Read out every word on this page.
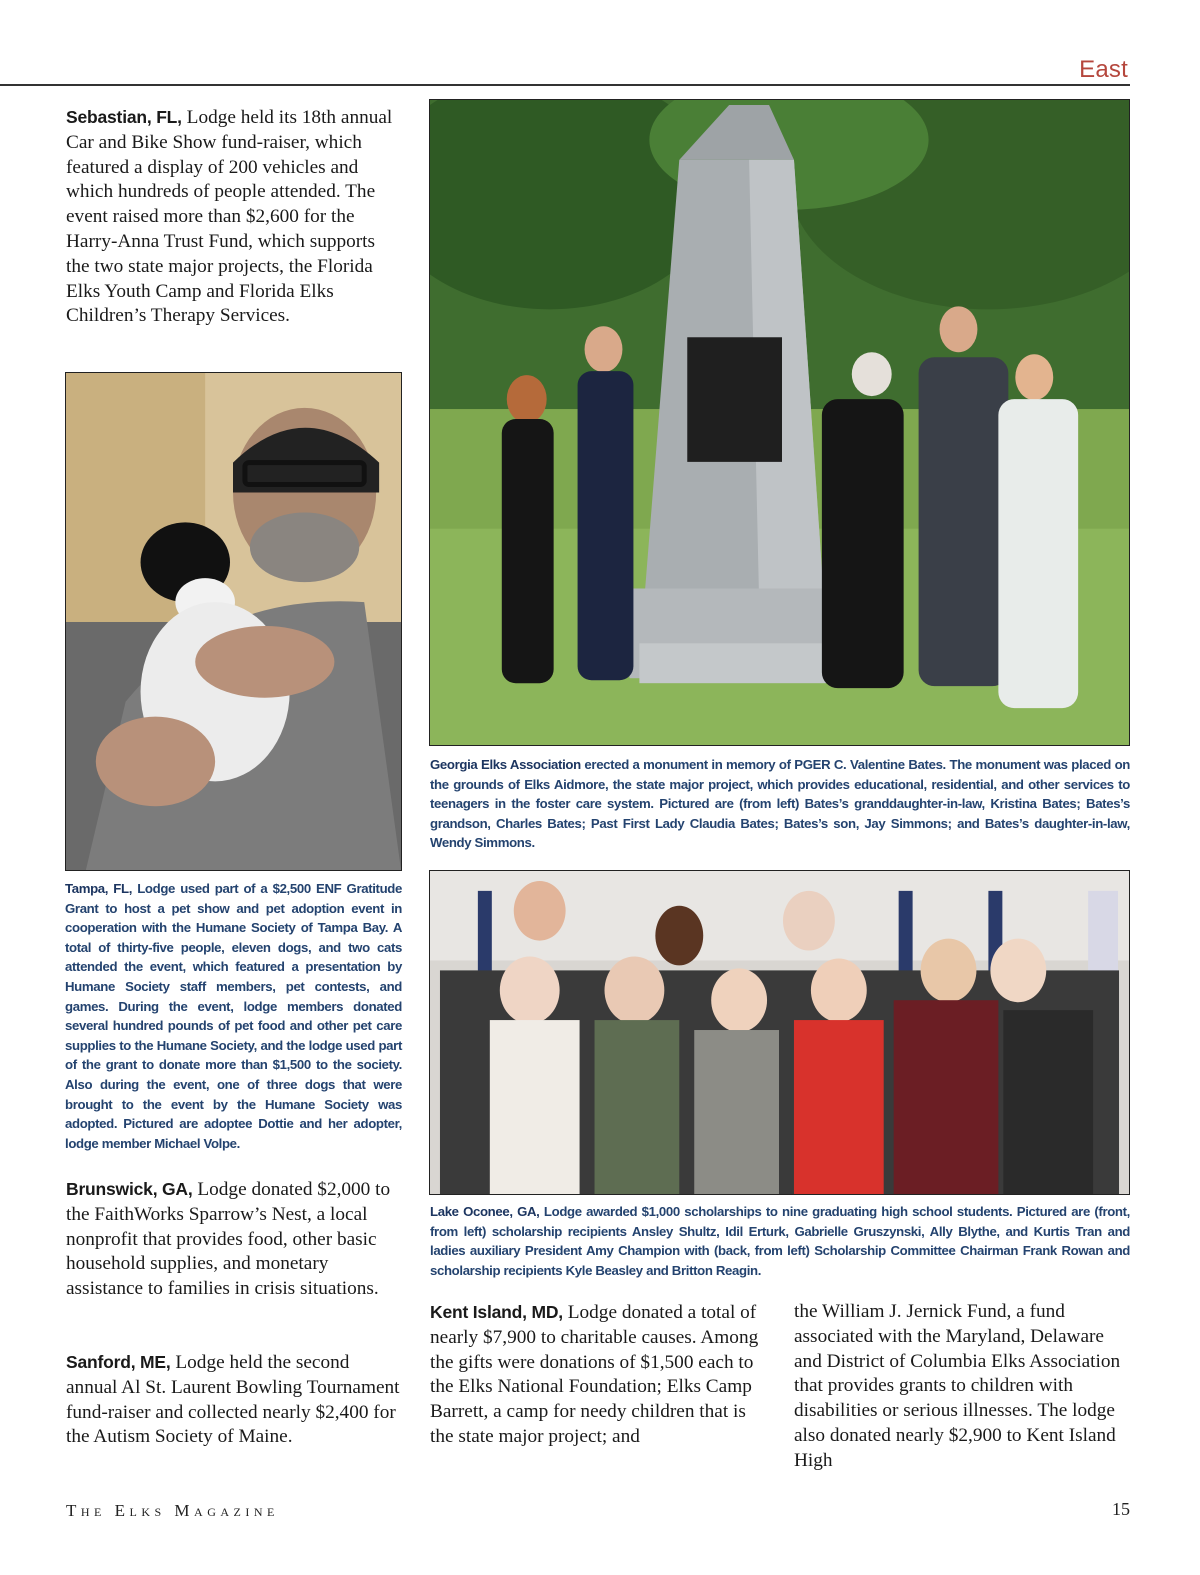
East
Sebastian, FL, Lodge held its 18th annual Car and Bike Show fund-raiser, which featured a display of 200 vehicles and which hundreds of people attended. The event raised more than $2,600 for the Harry-Anna Trust Fund, which supports the two state major projects, the Florida Elks Youth Camp and Florida Elks Children’s Therapy Services.
Georgia Elks Association erected a monument in memory of PGER C. Valentine Bates. The monument was placed on the grounds of Elks Aidmore, the state major project, which provides educational, residential, and other services to teenagers in the foster care system. Pictured are (from left) Bates’s granddaughter-in-law, Kristina Bates; Bates’s grandson, Charles Bates; Past First Lady Claudia Bates; Bates’s son, Jay Simmons; and Bates’s daughter-in-law, Wendy Simmons.
Tampa, FL, Lodge used part of a $2,500 ENF Gratitude Grant to host a pet show and pet adoption event in cooperation with the Humane Society of Tampa Bay. A total of thirty-five people, eleven dogs, and two cats attended the event, which featured a presentation by Humane Society staff members, pet contests, and games. During the event, lodge members donated several hundred pounds of pet food and other pet care supplies to the Humane Society, and the lodge used part of the grant to donate more than $1,500 to the society. Also during the event, one of three dogs that were brought to the event by the Humane Society was adopted. Pictured are adoptee Dottie and her adopter, lodge member Michael Volpe.
Brunswick, GA, Lodge donated $2,000 to the FaithWorks Sparrow’s Nest, a local nonprofit that provides food, other basic household supplies, and monetary assistance to families in crisis situations.
Sanford, ME, Lodge held the second annual Al St. Laurent Bowling Tournament fund-raiser and collected nearly $2,400 for the Autism Society of Maine.
Lake Oconee, GA, Lodge awarded $1,000 scholarships to nine graduating high school students. Pictured are (front, from left) scholarship recipients Ansley Shultz, Idil Erturk, Gabrielle Gruszynski, Ally Blythe, and Kurtis Tran and ladies auxiliary President Amy Champion with (back, from left) Scholarship Committee Chairman Frank Rowan and scholarship recipients Kyle Beasley and Britton Reagin.
Kent Island, MD, Lodge donated a total of nearly $7,900 to charitable causes. Among the gifts were donations of $1,500 each to the Elks National Foundation; Elks Camp Barrett, a camp for needy children that is the state major project; and
the William J. Jernick Fund, a fund associated with the Maryland, Delaware and District of Columbia Elks Association that provides grants to children with disabilities or serious illnesses. The lodge also donated nearly $2,900 to Kent Island High
The Elks Magazine	15
